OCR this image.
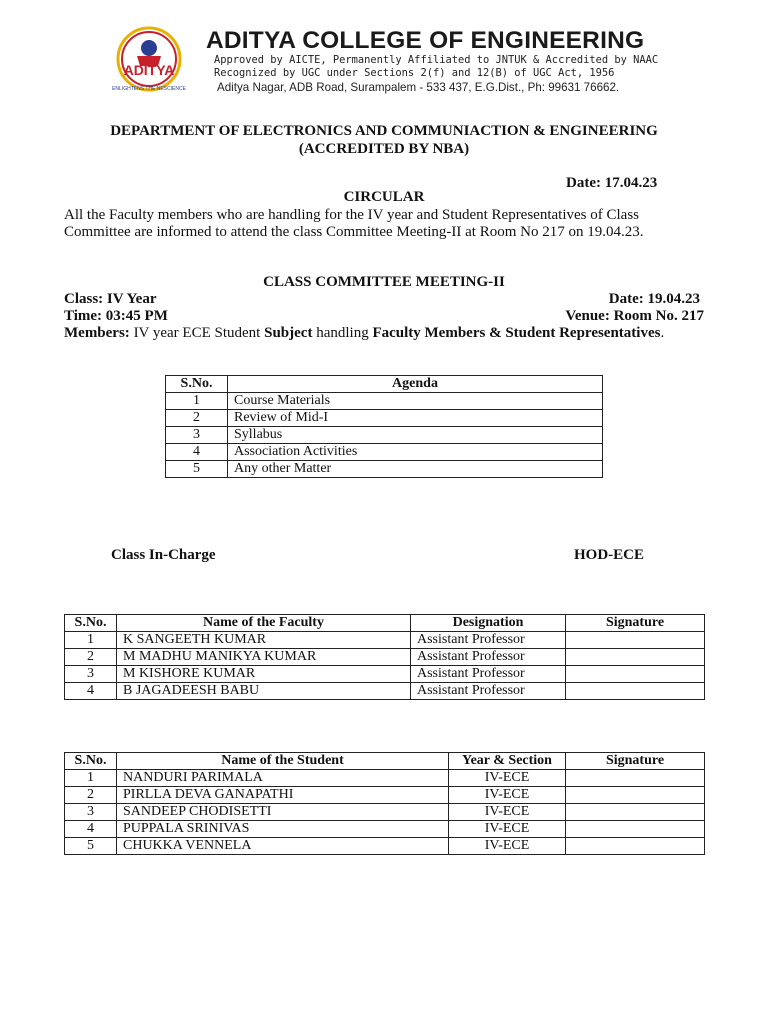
ADITYA
ENLIGHTENS THE NESCIENCE
ADITYA COLLEGE OF ENGINEERING
Approved by AICTE, Permanently Affiliated to JNTUK & Accredited by NAAC
Recognized by UGC under Sections 2(f) and 12(B) of UGC Act, 1956
Aditya Nagar, ADB Road, Surampalem - 533 437, E.G.Dist., Ph: 99631 76662.
DEPARTMENT OF ELECTRONICS AND COMMUNIACTION & ENGINEERING
(ACCREDITED BY NBA)
Date: 17.04.23
CIRCULAR
All the Faculty members who are handling for the IV year and Student Representatives of Class
Committee are informed to attend the class Committee Meeting-II at Room No 217 on 19.04.23.
CLASS COMMITTEE MEETING-II
Class: IV Year	Date: 19.04.23
Time: 03:45 PM	Venue: Room No. 217
Members: IV year ECE Student Subject handling Faculty Members & Student Representatives.
S.No.	Agenda
1	Course Materials
2	Review of Mid-I
3	Syllabus
4	Association Activities
5	Any other Matter
Class In-Charge	HOD-ECE
S.No.	Name of the Faculty	Designation	Signature
1	K SANGEETH KUMAR	Assistant Professor	
2	M MADHU MANIKYA KUMAR	Assistant Professor	
3	M KISHORE KUMAR	Assistant Professor	
4	B JAGADEESH BABU	Assistant Professor	
S.No.	Name of the Student	Year & Section	Signature
1	NANDURI PARIMALA	IV-ECE	
2	PIRLLA DEVA GANAPATHI	IV-ECE	
3	SANDEEP CHODISETTI	IV-ECE	
4	PUPPALA SRINIVAS	IV-ECE	
5	CHUKKA VENNELA	IV-ECE	
